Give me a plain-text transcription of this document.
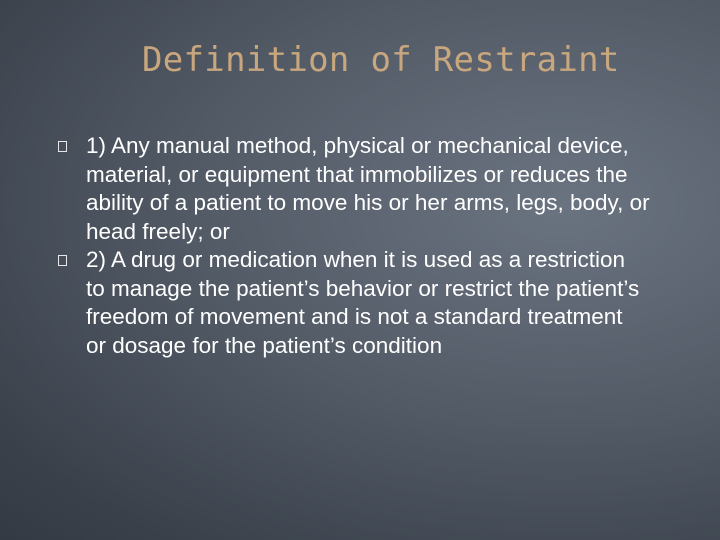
Definition of Restraint
1) Any manual method, physical or mechanical device, material, or equipment that immobilizes or reduces the ability of a patient to move his or her arms, legs, body, or head freely; or
2) A drug or medication when it is used as a restriction to manage the patient’s behavior or restrict the patient’s freedom of movement and is not a standard treatment or dosage for the patient’s condition
